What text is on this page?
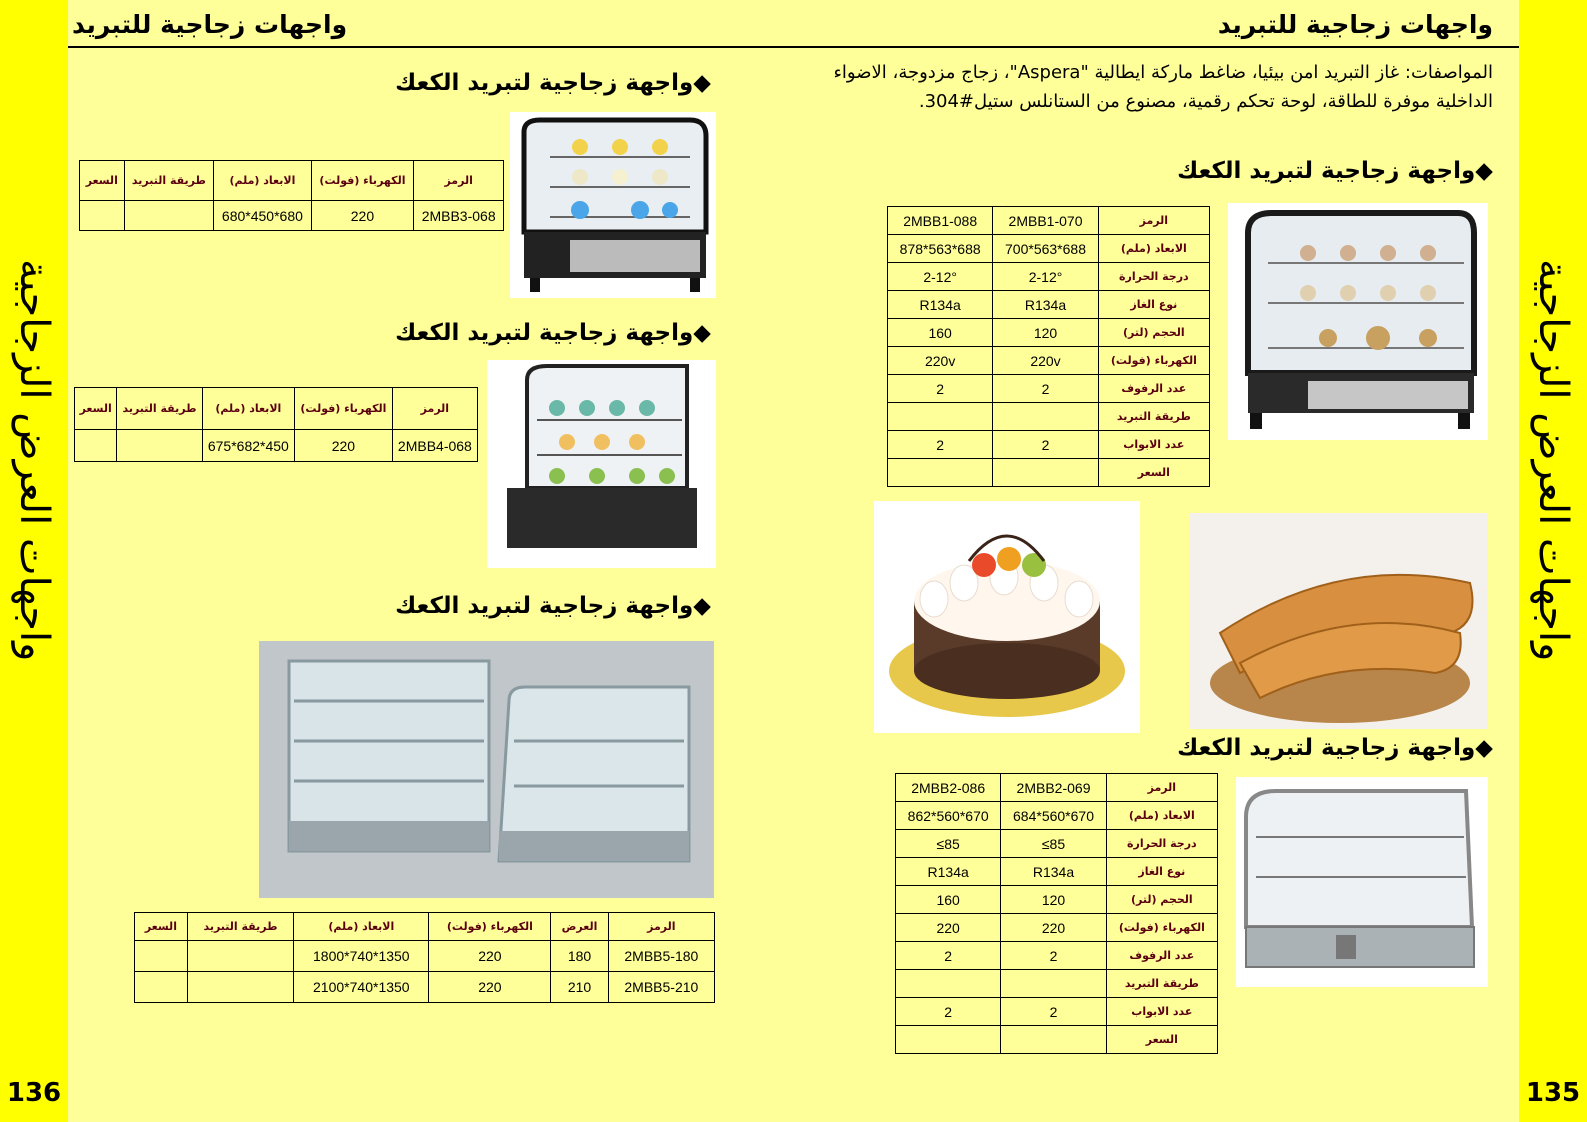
واجهات العرض الزجاجية
136
واجهات العرض الزجاجية
135
واجهات زجاجية للتبريد	واجهات زجاجية للتبريد
◆واجهة زجاجية لتبريد الكعك
◆واجهة زجاجية لتبريد الكعك
◆واجهة زجاجية لتبريد الكعك
الرمز	الكهرباء (فولت)	الابعاد (ملم)	طريقة التبريد	السعر
2MBB3-068	220	680*450*680		
الرمز	الكهرباء (فولت)	الابعاد (ملم)	طريقة التبريد	السعر
2MBB4-068	220	450*682*675		
الرمز	العرض	الكهرباء (فولت)	الابعاد (ملم)	طريقة التبريد	السعر
2MBB5-180	180	220	1350*740*1800		
2MBB5-210	210	220	1350*740*2100		
المواصفات: غاز التبريد امن بيئيا، ضاغط ماركة ايطالية "Aspera"، زجاج مزدوجة، الاضواء الداخلية موفرة للطاقة، لوحة تحكم رقمية، مصنوع من الستانلس ستيل#304.
◆واجهة زجاجية لتبريد الكعك
◆واجهة زجاجية لتبريد الكعك
2MBB1-088	2MBB1-070	الرمز
878*563*688	700*563*688	الابعاد (ملم)
2-12°	2-12°	درجة الحرارة
R134a	R134a	نوع الغاز
160	120	الحجم (لتر)
220v	220v	الكهرباء (فولت)
2	2	عدد الرفوف
		طريقة التبريد
2	2	عدد الابواب
		السعر
2MBB2-086	2MBB2-069	الرمز
862*560*670	684*560*670	الابعاد (ملم)
≤85	≤85	درجة الحرارة
R134a	R134a	نوع الغاز
160	120	الحجم (لتر)
220	220	الكهرباء (فولت)
2	2	عدد الرفوف
		طريقة التبريد
2	2	عدد الابواب
		السعر
